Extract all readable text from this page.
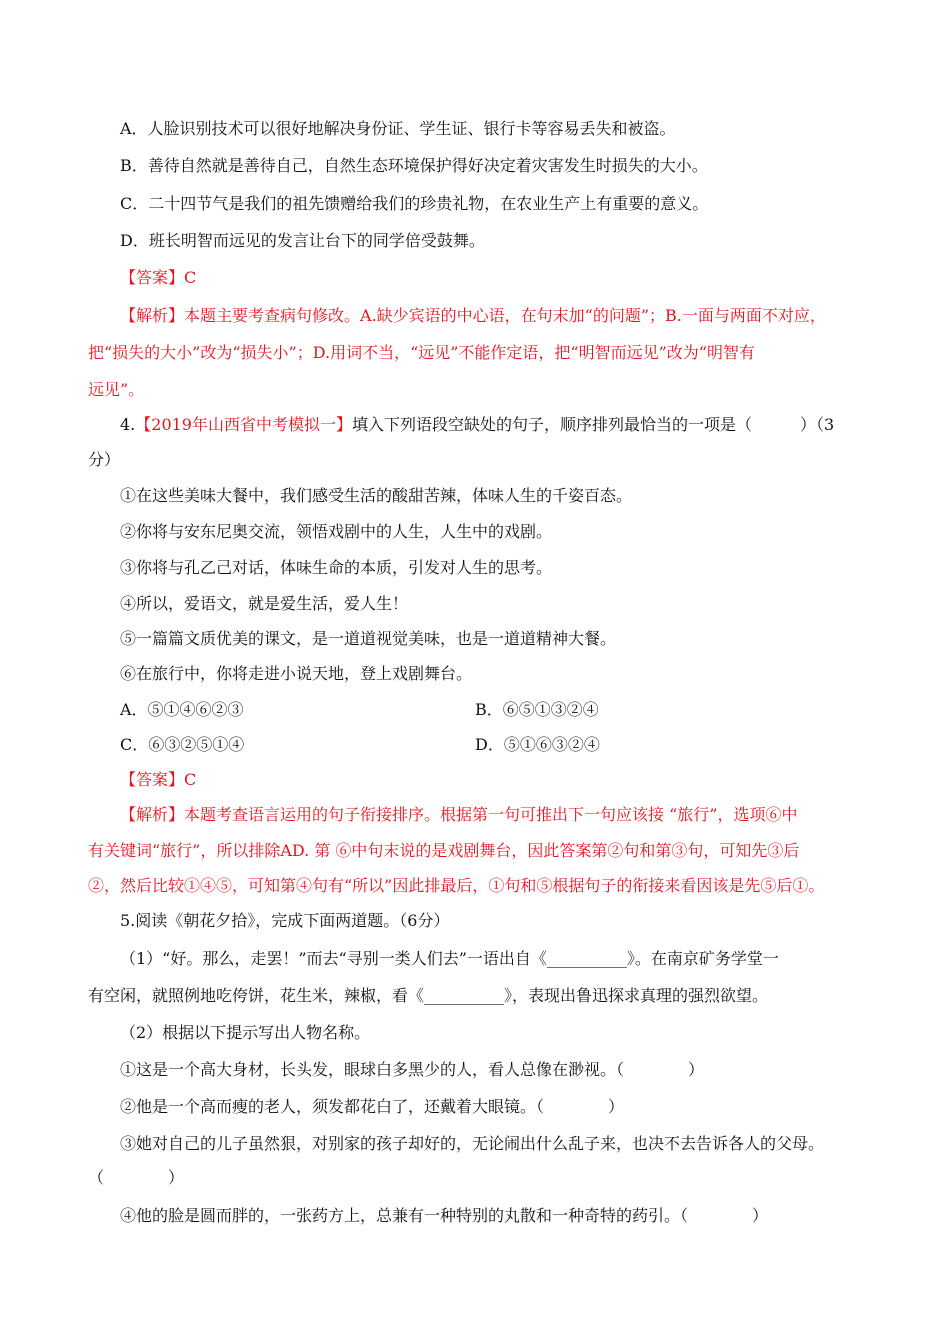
A．人脸识别技术可以很好地解决身份证、学生证、银行卡等容易丢失和被盗。
B．善待自然就是善待自己，自然生态环境保护得好决定着灾害发生时损失的大小。
C．二十四节气是我们的祖先馈赠给我们的珍贵礼物，在农业生产上有重要的意义。
D．班长明智而远见的发言让台下的同学倍受鼓舞。
【答案】C
【解析】本题主要考查病句修改。A.缺少宾语的中心语，在句末加“的问题”；B.一面与两面不对应，
把“损失的大小”改为“损失小”；D.用词不当，“远见”不能作定语，把“明智而远见”改为“明智有
远见”。
4.【2019年山西省中考模拟一】填入下列语段空缺处的句子，顺序排列最恰当的一项是（　　　）（3
分）
①在这些美味大餐中，我们感受生活的酸甜苦辣，体味人生的千姿百态。
②你将与安东尼奥交流，领悟戏剧中的人生，人生中的戏剧。
③你将与孔乙己对话，体味生命的本质，引发对人生的思考。
④所以，爱语文，就是爱生活，爱人生！
⑤一篇篇文质优美的课文，是一道道视觉美味，也是一道道精神大餐。
⑥在旅行中，你将走进小说天地，登上戏剧舞台。
A．⑤①④⑥②③	B．⑥⑤①③②④
C．⑥③②⑤①④	D．⑤①⑥③②④
【答案】C
【解析】本题考查语言运用的句子衔接排序。根据第一句可推出下一句应该接 “旅行”，选项⑥中
有关键词“旅行”，所以排除AD. 第 ⑥中句末说的是戏剧舞台，因此答案第②句和第③句，可知先③后
②，然后比较①④⑤，可知第④句有“所以”因此排最后，①句和⑤根据句子的衔接来看因该是先⑤后①。
5.阅读《朝花夕拾》，完成下面两道题。（6分）
（1）“好。那么，走罢！”而去“寻别一类人们去”一语出自《__________》。在南京矿务学堂一
有空闲，就照例地吃侉饼，花生米，辣椒，看《__________》，表现出鲁迅探求真理的强烈欲望。
（2）根据以下提示写出人物名称。
①这是一个高大身材，长头发，眼球白多黑少的人，看人总像在渺视。（　　　　）
②他是一个高而瘦的老人，须发都花白了，还戴着大眼镜。（　　　　）
③她对自己的儿子虽然狠，对别家的孩子却好的，无论闹出什么乱子来，也决不去告诉各人的父母。
（　　　　）
④他的脸是圆而胖的，一张药方上，总兼有一种特别的丸散和一种奇特的药引。（　　　　）
